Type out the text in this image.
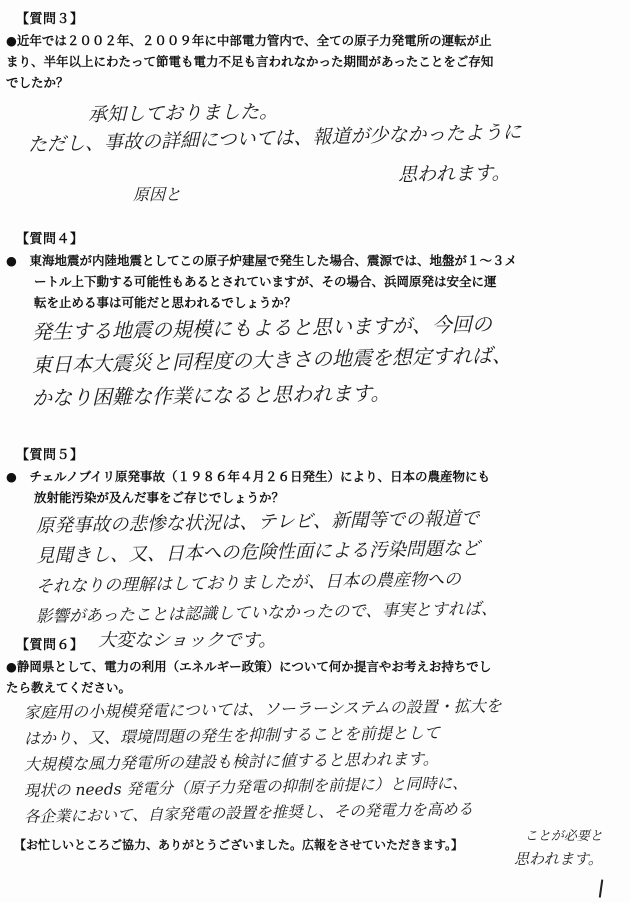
【質問３】
●近年では２００２年、２００９年に中部電力管内で、全ての原子力発電所の運転が止
まり、半年以上にわたって節電も電力不足も言われなかった期間があったことをご存知
でしたか？
承知しておりました。
ただし、事故の詳細については、報道が少なかったように
思われます。
原因と
【質問４】
●　 東海地震が内陸地震としてこの原子炉建屋で発生した場合、震源では、地盤が１～３メ
ートル上下動する可能性もあるとされていますが、その場合、浜岡原発は安全に運
転を止める事は可能だと思われるでしょうか？
発生する地震の規模にもよると思いますが、今回の
東日本大震災と同程度の大きさの地震を想定すれば、
かなり困難な作業になると思われます。
【質問５】
●　 チェルノブイリ原発事故（１９８６年４月２６日発生）により、日本の農産物にも
放射能汚染が及んだ事をご存じでしょうか？
原発事故の悲惨な状況は、テレビ、新聞等での報道で
見聞きし、又、日本への危険性面による汚染問題など
それなりの理解はしておりましたが、日本の農産物への
影響があったことは認識していなかったので、事実とすれば、
【質問６】 大変なショックです。
●静岡県として、電力の利用（エネルギー政策）について何か提言やお考えお持ちでし
たら教えてください。
家庭用の小規模発電については、ソーラーシステムの設置・拡大を
はかり、又、環境問題の発生を抑制することを前提として
大規模な風力発電所の建設も検討に値すると思われます。
現状の needs 発電分（原子力発電の抑制を前提に）と同時に、
各企業において、自家発電の設置を推奨し、その発電力を高める
【お忙しいところご協力、ありがとうございました。広報をさせていただきます。】
ことが必要と
思われます。
